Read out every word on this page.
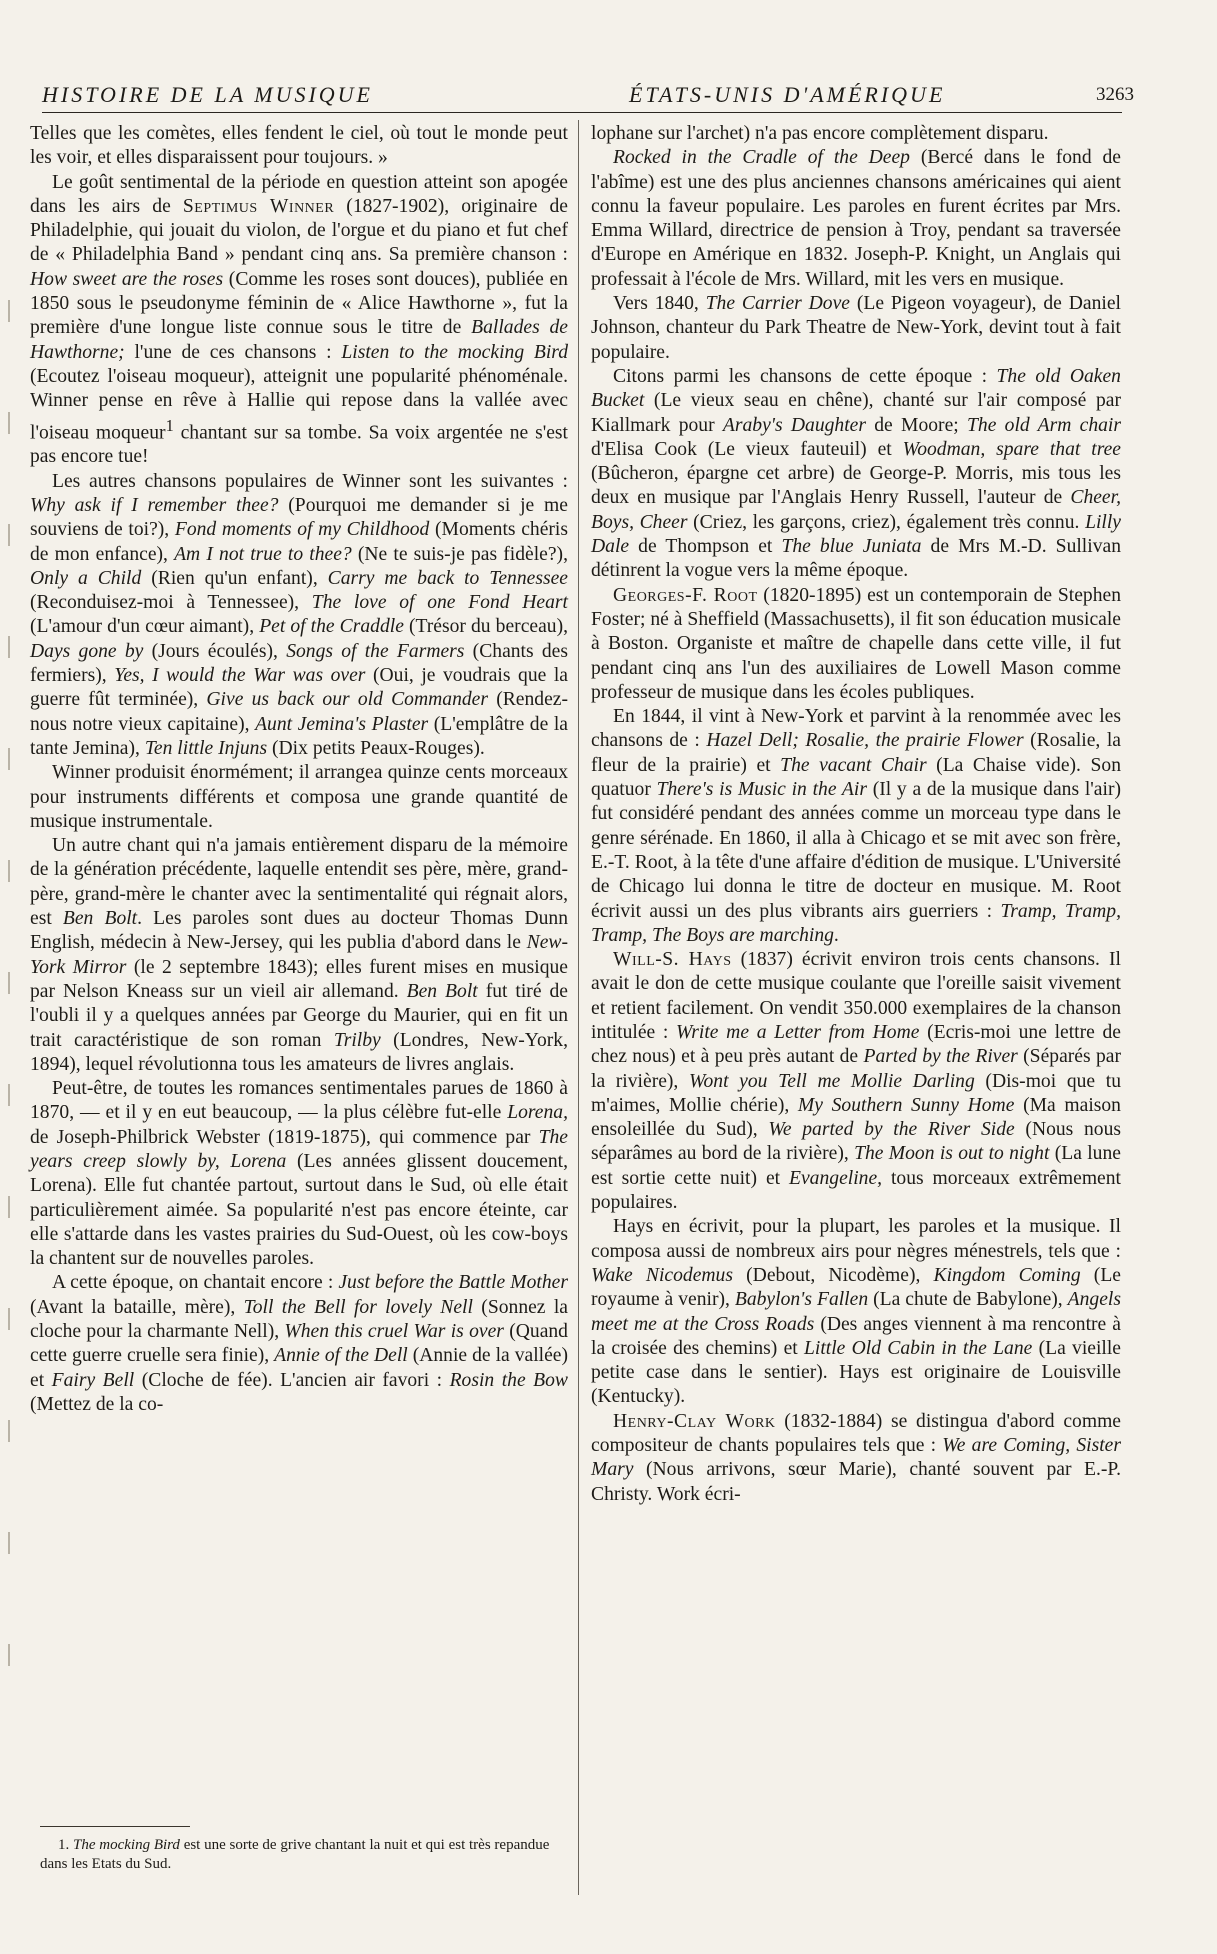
HISTOIRE DE LA MUSIQUE	ÉTATS-UNIS D'AMÉRIQUE	3263

Telles que les comètes, elles fendent le ciel, où tout le monde peut les voir, et elles disparaissent pour toujours. »

Le goût sentimental de la période en question atteint son apogée dans les airs de Septimus Winner (1827-1902), originaire de Philadelphie, qui jouait du violon, de l'orgue et du piano et fut chef de « Philadelphia Band » pendant cinq ans. Sa première chanson : How sweet are the roses (Comme les roses sont douces), publiée en 1850 sous le pseudonyme féminin de « Alice Hawthorne », fut la première d'une longue liste connue sous le titre de Ballades de Hawthorne; l'une de ces chansons : Listen to the mocking Bird (Ecoutez l'oiseau moqueur), atteignit une popularité phénoménale. Winner pense en rêve à Hallie qui repose dans la vallée avec l'oiseau moqueur$^1$ chantant sur sa tombe. Sa voix argentée ne s'est pas encore tue!

Les autres chansons populaires de Winner sont les suivantes : Why ask if I remember thee? (Pourquoi me demander si je me souviens de toi?), Fond moments of my Childhood (Moments chéris de mon enfance), Am I not true to thee? (Ne te suis-je pas fidèle?), Only a Child (Rien qu'un enfant), Carry me back to Tennessee (Reconduisez-moi à Tennessee), The love of one Fond Heart (L'amour d'un cœur aimant), Pet of the Craddle (Trésor du berceau), Days gone by (Jours écoulés), Songs of the Farmers (Chants des fermiers), Yes, I would the War was over (Oui, je voudrais que la guerre fût terminée), Give us back our old Commander (Rendez-nous notre vieux capitaine), Aunt Jemina's Plaster (L'emplâtre de la tante Jemina), Ten little Injuns (Dix petits Peaux-Rouges).

Winner produisit énormément; il arrangea quinze cents morceaux pour instruments différents et composa une grande quantité de musique instrumentale.

Un autre chant qui n'a jamais entièrement disparu de la mémoire de la génération précédente, laquelle entendit ses père, mère, grand-père, grand-mère le chanter avec la sentimentalité qui régnait alors, est Ben Bolt. Les paroles sont dues au docteur Thomas Dunn English, médecin à New-Jersey, qui les publia d'abord dans le New-York Mirror (le 2 septembre 1843); elles furent mises en musique par Nelson Kneass sur un vieil air allemand. Ben Bolt fut tiré de l'oubli il y a quelques années par George du Maurier, qui en fit un trait caractéristique de son roman Trilby (Londres, New-York, 1894), lequel révolutionna tous les amateurs de livres anglais.

Peut-être, de toutes les romances sentimentales parues de 1860 à 1870, — et il y en eut beaucoup, — la plus célèbre fut-elle Lorena, de Joseph-Philbrick Webster (1819-1875), qui commence par The years creep slowly by, Lorena (Les années glissent doucement, Lorena). Elle fut chantée partout, surtout dans le Sud, où elle était particulièrement aimée. Sa popularité n'est pas encore éteinte, car elle s'attarde dans les vastes prairies du Sud-Ouest, où les cow-boys la chantent sur de nouvelles paroles.

A cette époque, on chantait encore : Just before the Battle Mother (Avant la bataille, mère), Toll the Bell for lovely Nell (Sonnez la cloche pour la charmante Nell), When this cruel War is over (Quand cette guerre cruelle sera finie), Annie of the Dell (Annie de la vallée) et Fairy Bell (Cloche de fée). L'ancien air favori : Rosin the Bow (Mettez de la co-

lophane sur l'archet) n'a pas encore complètement disparu.

Rocked in the Cradle of the Deep (Bercé dans le fond de l'abîme) est une des plus anciennes chansons américaines qui aient connu la faveur populaire. Les paroles en furent écrites par Mrs. Emma Willard, directrice de pension à Troy, pendant sa traversée d'Europe en Amérique en 1832. Joseph-P. Knight, un Anglais qui professait à l'école de Mrs. Willard, mit les vers en musique.

Vers 1840, The Carrier Dove (Le Pigeon voyageur), de Daniel Johnson, chanteur du Park Theatre de New-York, devint tout à fait populaire.

Citons parmi les chansons de cette époque : The old Oaken Bucket (Le vieux seau en chêne), chanté sur l'air composé par Kiallmark pour Araby's Daughter de Moore; The old Arm chair d'Elisa Cook (Le vieux fauteuil) et Woodman, spare that tree (Bûcheron, épargne cet arbre) de George-P. Morris, mis tous les deux en musique par l'Anglais Henry Russell, l'auteur de Cheer, Boys, Cheer (Criez, les garçons, criez), également très connu. Lilly Dale de Thompson et The blue Juniata de Mrs M.-D. Sullivan détinrent la vogue vers la même époque.

Georges-F. Root (1820-1895) est un contemporain de Stephen Foster; né à Sheffield (Massachusetts), il fit son éducation musicale à Boston. Organiste et maître de chapelle dans cette ville, il fut pendant cinq ans l'un des auxiliaires de Lowell Mason comme professeur de musique dans les écoles publiques.

En 1844, il vint à New-York et parvint à la renommée avec les chansons de : Hazel Dell; Rosalie, the prairie Flower (Rosalie, la fleur de la prairie) et The vacant Chair (La Chaise vide). Son quatuor There's is Music in the Air (Il y a de la musique dans l'air) fut considéré pendant des années comme un morceau type dans le genre sérénade. En 1860, il alla à Chicago et se mit avec son frère, E.-T. Root, à la tête d'une affaire d'édition de musique. L'Université de Chicago lui donna le titre de docteur en musique. M. Root écrivit aussi un des plus vibrants airs guerriers : Tramp, Tramp, Tramp, The Boys are marching.

Will-S. Hays (1837) écrivit environ trois cents chansons. Il avait le don de cette musique coulante que l'oreille saisit vivement et retient facilement. On vendit 350.000 exemplaires de la chanson intitulée : Write me a Letter from Home (Ecris-moi une lettre de chez nous) et à peu près autant de Parted by the River (Séparés par la rivière), Wont you Tell me Mollie Darling (Dis-moi que tu m'aimes, Mollie chérie), My Southern Sunny Home (Ma maison ensoleillée du Sud), We parted by the River Side (Nous nous séparâmes au bord de la rivière), The Moon is out to night (La lune est sortie cette nuit) et Evangeline, tous morceaux extrêmement populaires.

Hays en écrivit, pour la plupart, les paroles et la musique. Il composa aussi de nombreux airs pour nègres ménestrels, tels que : Wake Nicodemus (Debout, Nicodème), Kingdom Coming (Le royaume à venir), Babylon's Fallen (La chute de Babylone), Angels meet me at the Cross Roads (Des anges viennent à ma rencontre à la croisée des chemins) et Little Old Cabin in the Lane (La vieille petite case dans le sentier). Hays est originaire de Louisville (Kentucky).

Henry-Clay Work (1832-1884) se distingua d'abord comme compositeur de chants populaires tels que : We are Coming, Sister Mary (Nous arrivons, sœur Marie), chanté souvent par E.-P. Christy. Work écri-

1. The mocking Bird est une sorte de grive chantant la nuit et qui est très repandue dans les Etats du Sud.
